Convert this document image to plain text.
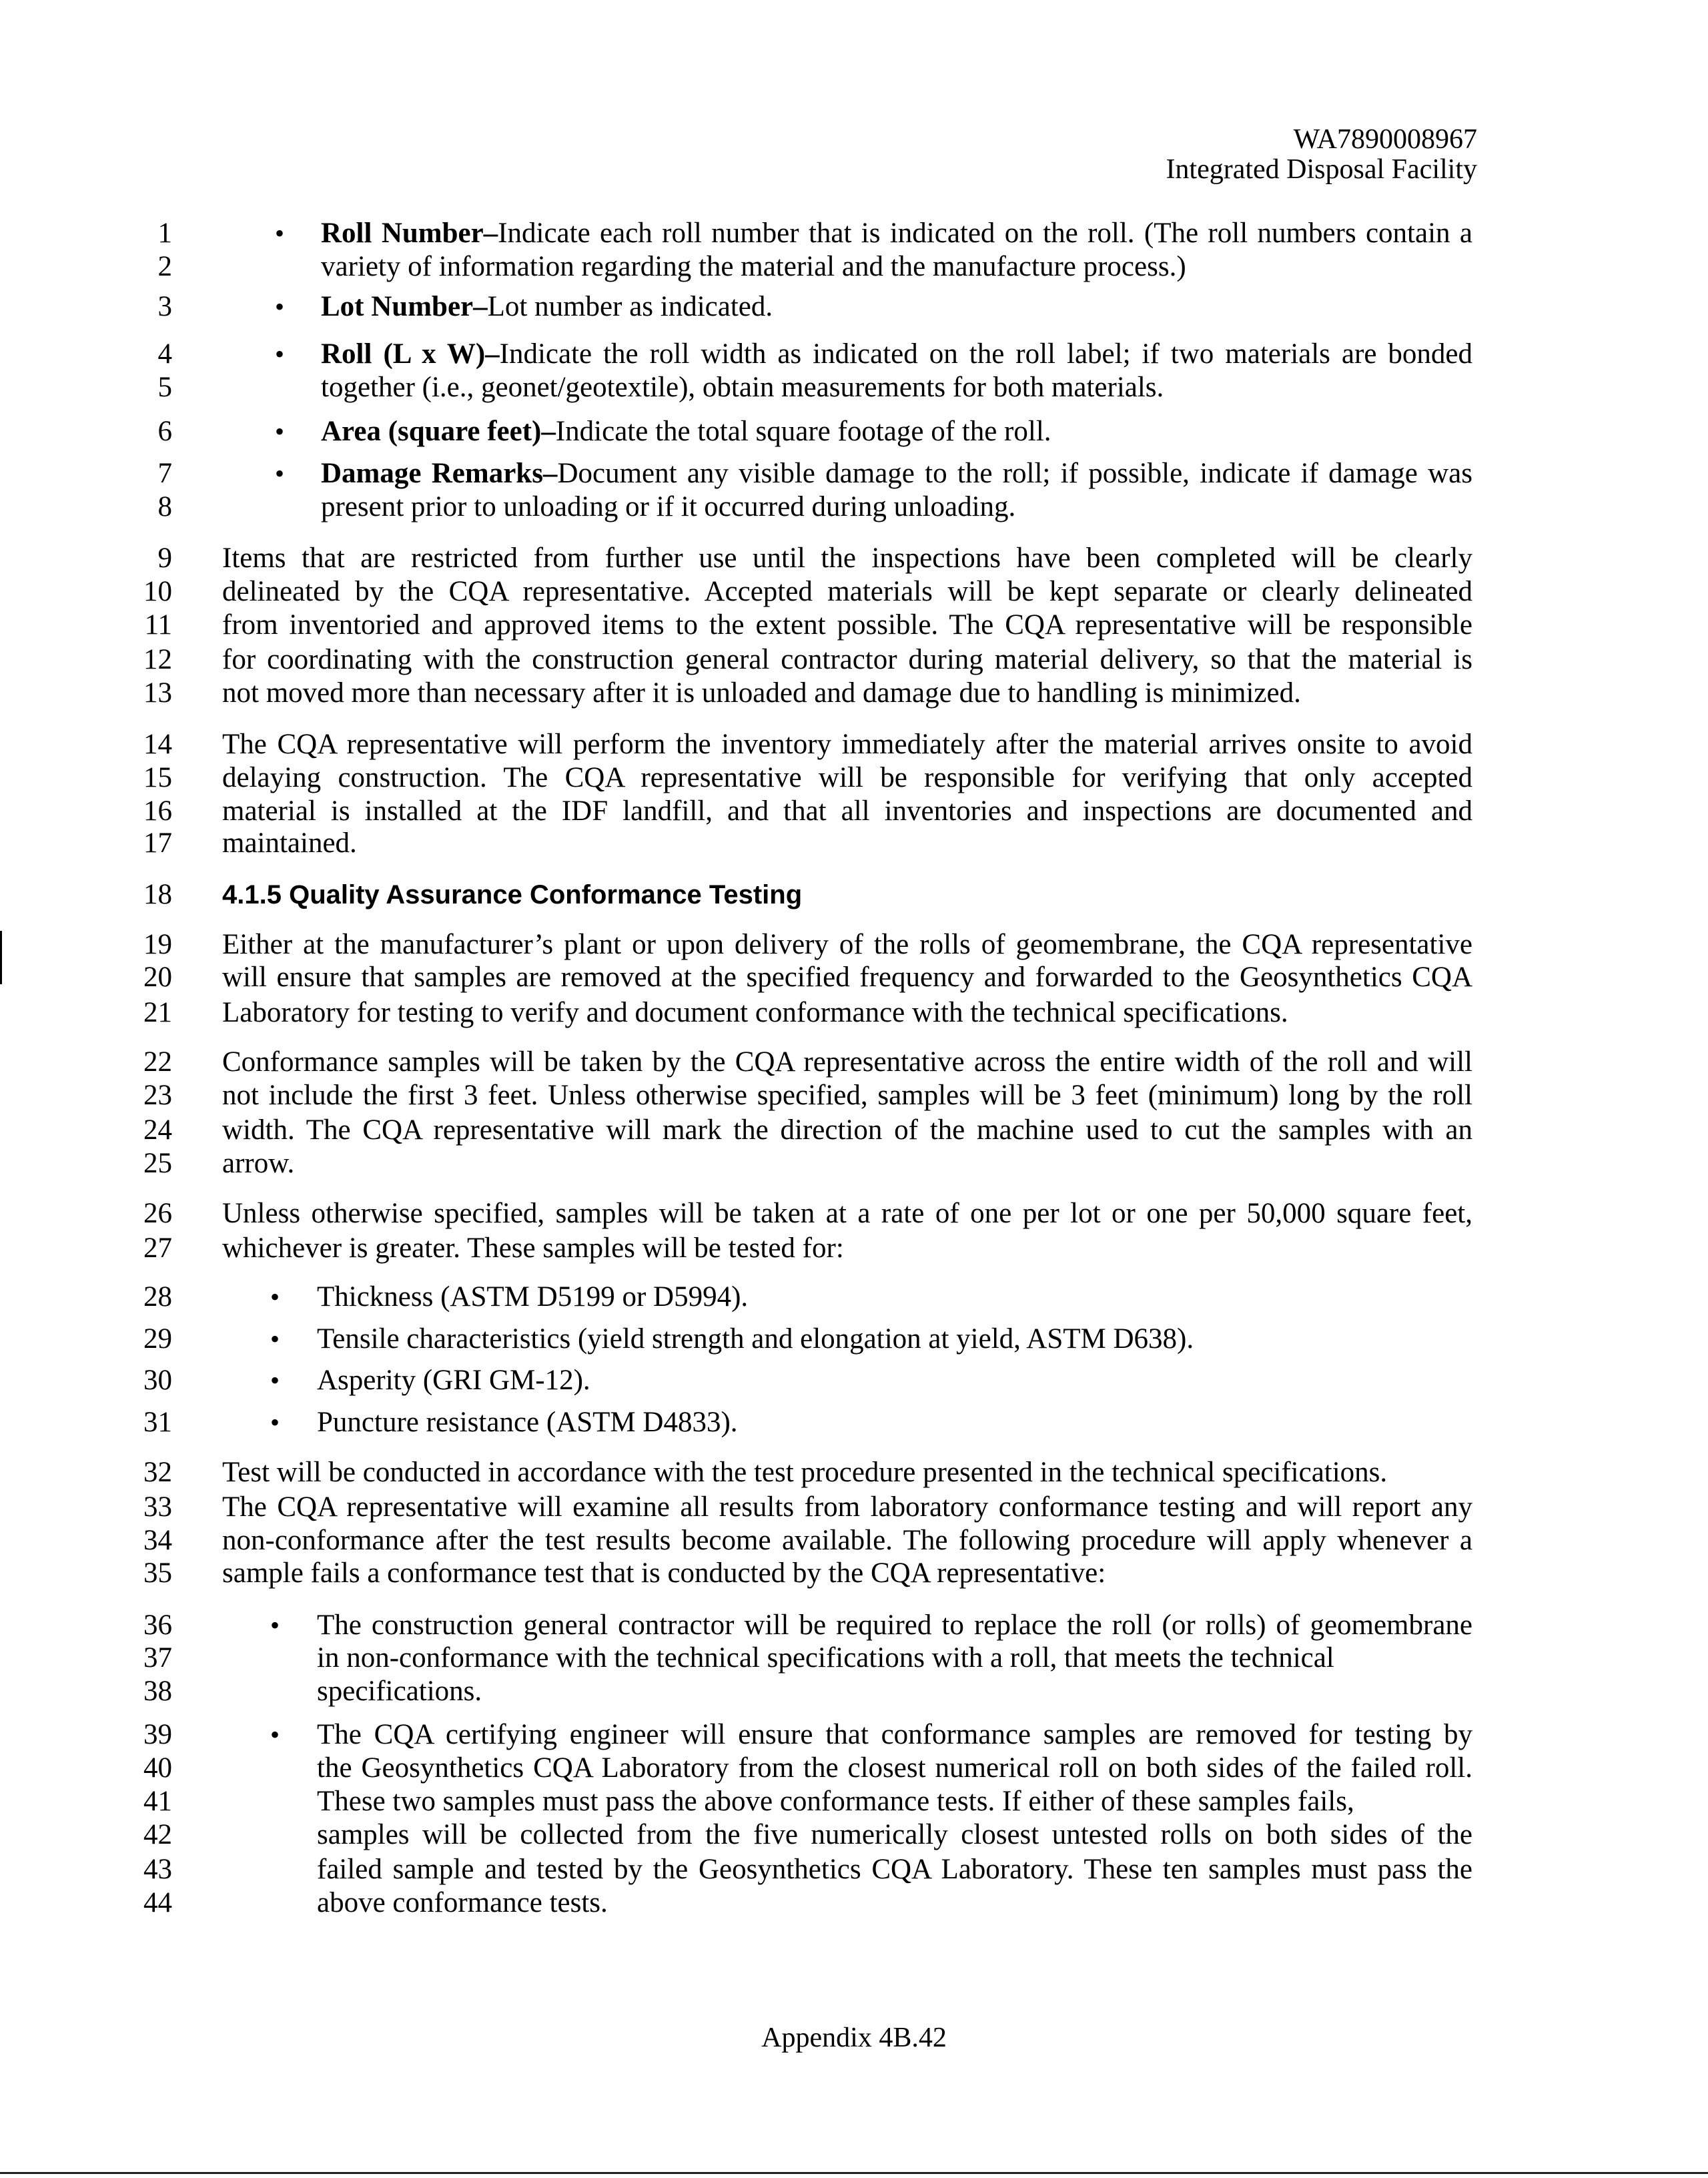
WA7890008967
Integrated Disposal Facility
1	• Roll Number–Indicate each roll number that is indicated on the roll. (The roll numbers contain a
2	variety of information regarding the material and the manufacture process.)
3	• Lot Number–Lot number as indicated.
4	• Roll (L x W)–Indicate the roll width as indicated on the roll label; if two materials are bonded
5	together (i.e., geonet/geotextile), obtain measurements for both materials.
6	• Area (square feet)–Indicate the total square footage of the roll.
7	• Damage Remarks–Document any visible damage to the roll; if possible, indicate if damage was
8	present prior to unloading or if it occurred during unloading.
9 Items that are restricted from further use until the inspections have been completed will be clearly
10 delineated by the CQA representative. Accepted materials will be kept separate or clearly delineated
11 from inventoried and approved items to the extent possible. The CQA representative will be responsible
12 for coordinating with the construction general contractor during material delivery, so that the material is
13 not moved more than necessary after it is unloaded and damage due to handling is minimized.
14 The CQA representative will perform the inventory immediately after the material arrives onsite to avoid
15 delaying construction. The CQA representative will be responsible for verifying that only accepted
16 material is installed at the IDF landfill, and that all inventories and inspections are documented and
17 maintained.
18 4.1.5 Quality Assurance Conformance Testing
19 Either at the manufacturer’s plant or upon delivery of the rolls of geomembrane, the CQA representative
20 will ensure that samples are removed at the specified frequency and forwarded to the Geosynthetics CQA
21 Laboratory for testing to verify and document conformance with the technical specifications.
22 Conformance samples will be taken by the CQA representative across the entire width of the roll and will
23 not include the first 3 feet. Unless otherwise specified, samples will be 3 feet (minimum) long by the roll
24 width. The CQA representative will mark the direction of the machine used to cut the samples with an
25 arrow.
26 Unless otherwise specified, samples will be taken at a rate of one per lot or one per 50,000 square feet,
27 whichever is greater. These samples will be tested for:
28	• Thickness (ASTM D5199 or D5994).
29	• Tensile characteristics (yield strength and elongation at yield, ASTM D638).
30	• Asperity (GRI GM-12).
31	• Puncture resistance (ASTM D4833).
32 Test will be conducted in accordance with the test procedure presented in the technical specifications.
33 The CQA representative will examine all results from laboratory conformance testing and will report any
34 non-conformance after the test results become available. The following procedure will apply whenever a
35 sample fails a conformance test that is conducted by the CQA representative:
36	• The construction general contractor will be required to replace the roll (or rolls) of geomembrane
37	in non-conformance with the technical specifications with a roll, that meets the technical
38	specifications.
39	• The CQA certifying engineer will ensure that conformance samples are removed for testing by
40	the Geosynthetics CQA Laboratory from the closest numerical roll on both sides of the failed roll.
41	These two samples must pass the above conformance tests. If either of these samples fails,
42	samples will be collected from the five numerically closest untested rolls on both sides of the
43	failed sample and tested by the Geosynthetics CQA Laboratory. These ten samples must pass the
44	above conformance tests.
Appendix 4B.42
